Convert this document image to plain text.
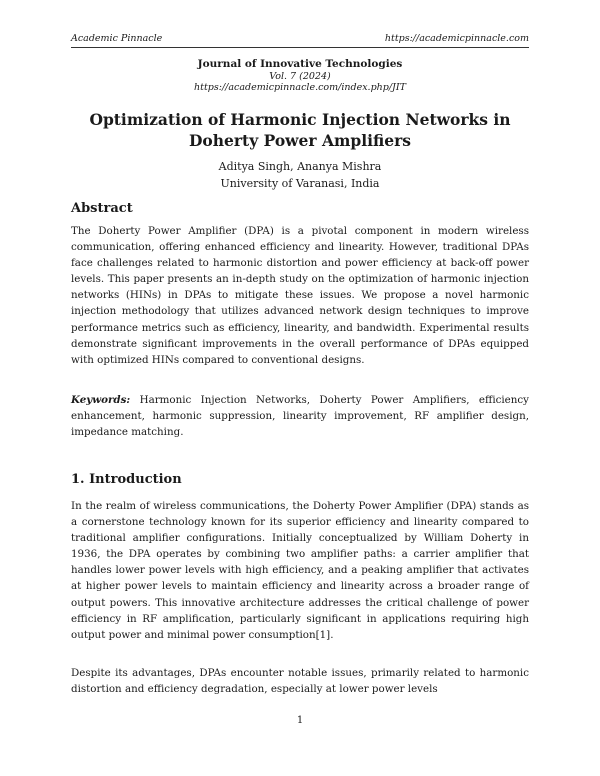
Academic Pinnacle	https://academicpinnacle.com
Journal of Innovative Technologies
Vol. 7 (2024)
https://academicpinnacle.com/index.php/JIT
Optimization of Harmonic Injection Networks in Doherty Power Amplifiers
Aditya Singh, Ananya Mishra
University of Varanasi, India
Abstract

The Doherty Power Amplifier (DPA) is a pivotal component in modern wireless communication, offering enhanced efficiency and linearity. However, traditional DPAs face challenges related to harmonic distortion and power efficiency at back-off power levels. This paper presents an in-depth study on the optimization of harmonic injection networks (HINs) in DPAs to mitigate these issues. We propose a novel harmonic injection methodology that utilizes advanced network design techniques to improve performance metrics such as efficiency, linearity, and bandwidth. Experimental results demonstrate significant improvements in the overall performance of DPAs equipped with optimized HINs compared to conventional designs.

Keywords: Harmonic Injection Networks, Doherty Power Amplifiers, efficiency enhancement, harmonic suppression, linearity improvement, RF amplifier design, impedance matching.

1. Introduction

In the realm of wireless communications, the Doherty Power Amplifier (DPA) stands as a cornerstone technology known for its superior efficiency and linearity compared to traditional amplifier configurations. Initially conceptualized by William Doherty in 1936, the DPA operates by combining two amplifier paths: a carrier amplifier that handles lower power levels with high efficiency, and a peaking amplifier that activates at higher power levels to maintain efficiency and linearity across a broader range of output powers. This innovative architecture addresses the critical challenge of power efficiency in RF amplification, particularly significant in applications requiring high output power and minimal power consumption[1].

Despite its advantages, DPAs encounter notable issues, primarily related to harmonic distortion and efficiency degradation, especially at lower power levels

1
